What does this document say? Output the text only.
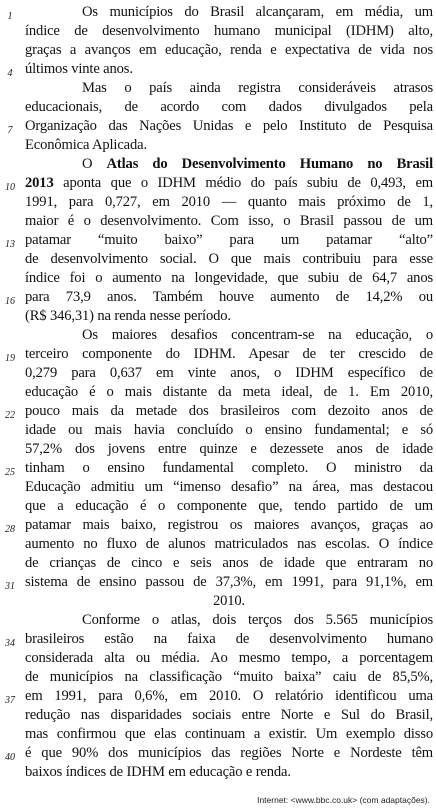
Os municípios do Brasil alcançaram, em média, um
índice de desenvolvimento humano municipal (IDHM) alto,
graças a avanços em educação, renda e expectativa de vida nos
últimos vinte anos.
Mas o país ainda registra consideráveis atrasos
educacionais, de acordo com dados divulgados pela
Organização das Nações Unidas e pelo Instituto de Pesquisa
Econômica Aplicada.
O Atlas do Desenvolvimento Humano no Brasil
2013 aponta que o IDHM médio do país subiu de 0,493, em
1991, para 0,727, em 2010 — quanto mais próximo de 1,
maior é o desenvolvimento. Com isso, o Brasil passou de um
patamar “muito baixo” para um patamar “alto”
de desenvolvimento social. O que mais contribuiu para esse
índice foi o aumento na longevidade, que subiu de 64,7 anos
para 73,9 anos. Também houve aumento de 14,2% ou
(R$ 346,31) na renda nesse período.
Os maiores desafios concentram-se na educação, o
terceiro componente do IDHM. Apesar de ter crescido de
0,279 para 0,637 em vinte anos, o IDHM específico de
educação é o mais distante da meta ideal, de 1. Em 2010,
pouco mais da metade dos brasileiros com dezoito anos de
idade ou mais havia concluído o ensino fundamental; e só
57,2% dos jovens entre quinze e dezessete anos de idade
tinham o ensino fundamental completo. O ministro da
Educação admitiu um “imenso desafio” na área, mas destacou
que a educação é o componente que, tendo partido de um
patamar mais baixo, registrou os maiores avanços, graças ao
aumento no fluxo de alunos matriculados nas escolas. O índice
de crianças de cinco e seis anos de idade que entraram no
sistema de ensino passou de 37,3%, em 1991, para 91,1%, em
2010.
Conforme o atlas, dois terços dos 5.565 municípios
brasileiros estão na faixa de desenvolvimento humano
considerada alta ou média. Ao mesmo tempo, a porcentagem
de municípios na classificação “muito baixa” caiu de 85,5%,
em 1991, para 0,6%, em 2010. O relatório identificou uma
redução nas disparidades sociais entre Norte e Sul do Brasil,
mas confirmou que elas continuam a existir. Um exemplo disso
é que 90% dos municípios das regiões Norte e Nordeste têm
baixos índices de IDHM em educação e renda.
1
4
7
10
13
16
19
22
25
28
31
34
37
40
Internet: <www.bbc.co.uk> (com adaptações).
